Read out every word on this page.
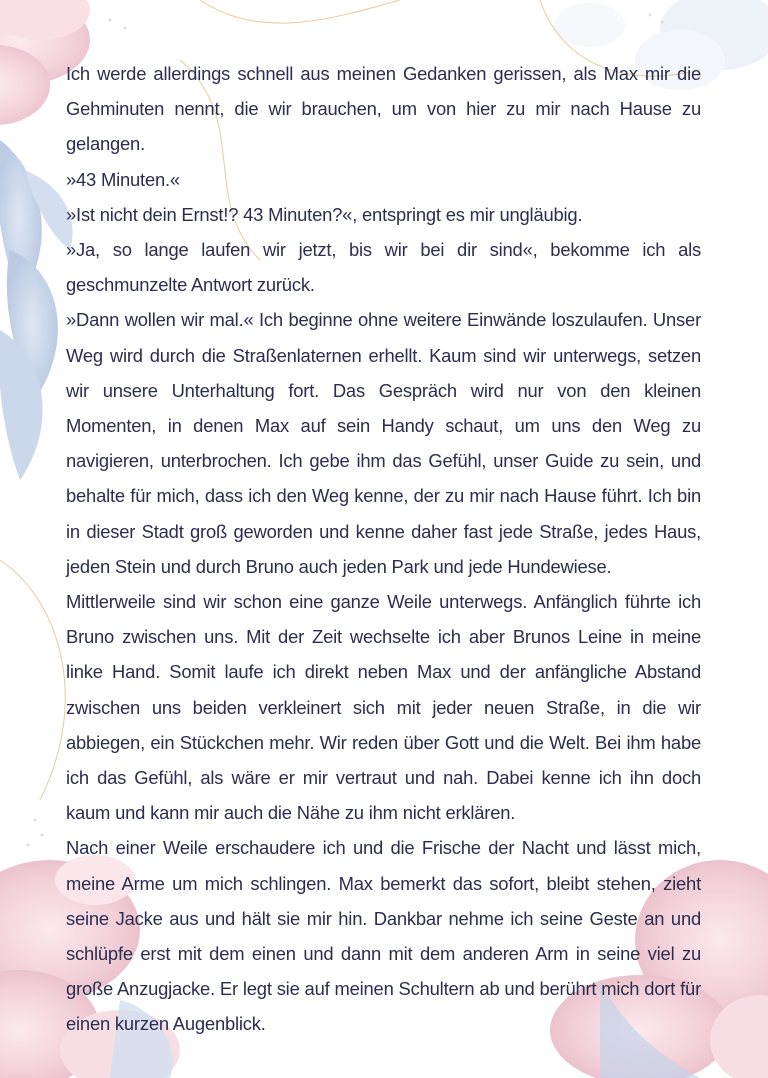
Ich werde allerdings schnell aus meinen Gedanken gerissen, als Max mir die Gehminuten nennt, die wir brauchen, um von hier zu mir nach Hause zu gelangen.

»43 Minuten.«

»Ist nicht dein Ernst!? 43 Minuten?«, entspringt es mir ungläubig.

»Ja, so lange laufen wir jetzt, bis wir bei dir sind«, bekomme ich als geschmunzelte Antwort zurück.

»Dann wollen wir mal.« Ich beginne ohne weitere Einwände loszulaufen. Unser Weg wird durch die Straßenlaternen erhellt. Kaum sind wir unterwegs, setzen wir unsere Unterhaltung fort. Das Gespräch wird nur von den kleinen Momenten, in denen Max auf sein Handy schaut, um uns den Weg zu navigieren, unterbrochen. Ich gebe ihm das Gefühl, unser Guide zu sein, und behalte für mich, dass ich den Weg kenne, der zu mir nach Hause führt. Ich bin in dieser Stadt groß geworden und kenne daher fast jede Straße, jedes Haus, jeden Stein und durch Bruno auch jeden Park und jede Hundewiese.

Mittlerweile sind wir schon eine ganze Weile unterwegs. Anfänglich führte ich Bruno zwischen uns. Mit der Zeit wechselte ich aber Brunos Leine in meine linke Hand. Somit laufe ich direkt neben Max und der anfängliche Abstand zwischen uns beiden verkleinert sich mit jeder neuen Straße, in die wir abbiegen, ein Stückchen mehr. Wir reden über Gott und die Welt. Bei ihm habe ich das Gefühl, als wäre er mir vertraut und nah. Dabei kenne ich ihn doch kaum und kann mir auch die Nähe zu ihm nicht erklären.

Nach einer Weile erschaudere ich und die Frische der Nacht und lässt mich, meine Arme um mich schlingen. Max bemerkt das sofort, bleibt stehen, zieht seine Jacke aus und hält sie mir hin. Dankbar nehme ich seine Geste an und schlüpfe erst mit dem einen und dann mit dem anderen Arm in seine viel zu große Anzugjacke. Er legt sie auf meinen Schultern ab und berührt mich dort für einen kurzen Augenblick.
